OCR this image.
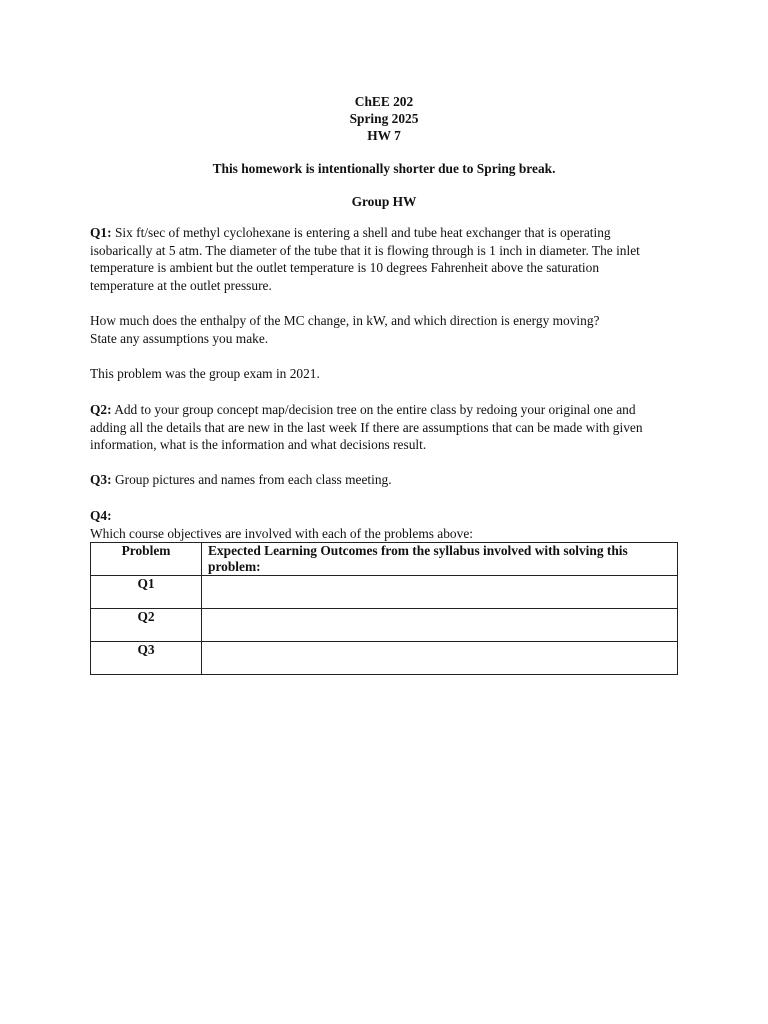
ChEE 202
Spring 2025
HW 7
This homework is intentionally shorter due to Spring break.
Group HW

Q1: Six ft/sec of methyl cyclohexane is entering a shell and tube heat exchanger that is operating

isobarically at 5 atm. The diameter of the tube that it is flowing through is 1 inch in diameter. The inlet

temperature is ambient but the outlet temperature is 10 degrees Fahrenheit above the saturation

temperature at the outlet pressure.

How much does the enthalpy of the MC change, in kW, and which direction is energy moving?

State any assumptions you make.

This problem was the group exam in 2021.

Q2: Add to your group concept map/decision tree on the entire class by redoing your original one and

adding all the details that are new in the last week If there are assumptions that can be made with given

information, what is the information and what decisions result.

Q3: Group pictures and names from each class meeting.

Q4:

Which course objectives are involved with each of the problems above:

Problem	Expected Learning Outcomes from the syllabus involved with solving this problem:
Q1	
Q2	
Q3	
